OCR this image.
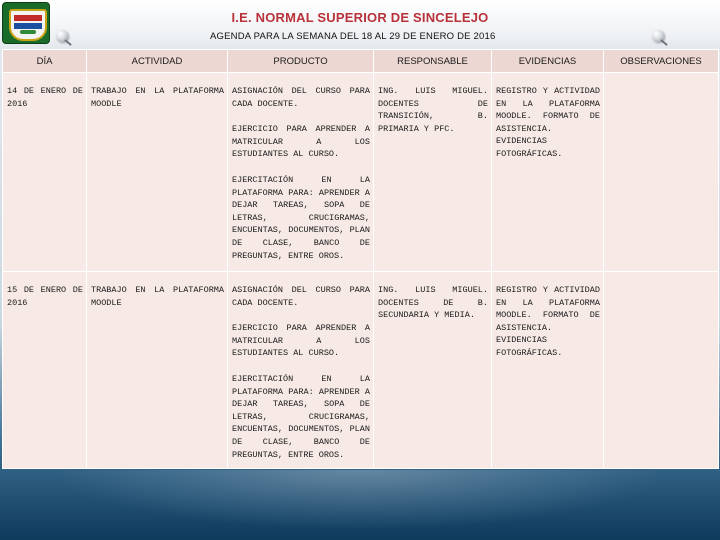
I.E. NORMAL SUPERIOR DE SINCELEJO
AGENDA PARA LA SEMANA DEL 18 AL 29 DE ENERO DE 2016
DÍA	ACTIVIDAD	PRODUCTO	RESPONSABLE	EVIDENCIAS	OBSERVACIONES
14 DE ENERO DE 2016	TRABAJO EN LA PLATAFORMA MOODLE	ASIGNACIÓN DEL CURSO PARA CADA DOCENTE.
EJERCICIO PARA APRENDER A MATRICULAR A LOS ESTUDIANTES AL CURSO.
EJERCITACIÓN EN LA PLATAFORMA PARA: APRENDER A DEJAR TAREAS, SOPA DE LETRAS, CRUCIGRAMAS, ENCUENTAS, DOCUMENTOS, PLAN DE CLASE, BANCO DE PREGUNTAS, ENTRE OROS.	ING. LUIS MIGUEL. DOCENTES DE TRANSICIÓN, B. PRIMARIA Y PFC.	REGISTRO Y ACTIVIDAD EN LA PLATAFORMA MOODLE. FORMATO DE ASISTENCIA. EVIDENCIAS FOTOGRÁFICAS.	
15 DE ENERO DE 2016	TRABAJO EN LA PLATAFORMA MOODLE	ASIGNACIÓN DEL CURSO PARA CADA DOCENTE.
EJERCICIO PARA APRENDER A MATRICULAR A LOS ESTUDIANTES AL CURSO.
EJERCITACIÓN EN LA PLATAFORMA PARA: APRENDER A DEJAR TAREAS, SOPA DE LETRAS, CRUCIGRAMAS, ENCUENTAS, DOCUMENTOS, PLAN DE CLASE, BANCO DE PREGUNTAS, ENTRE OROS.	ING. LUIS MIGUEL. DOCENTES DE B. SECUNDARIA Y MEDIA.	REGISTRO Y ACTIVIDAD EN LA PLATAFORMA MOODLE. FORMATO DE ASISTENCIA. EVIDENCIAS FOTOGRÁFICAS.	
